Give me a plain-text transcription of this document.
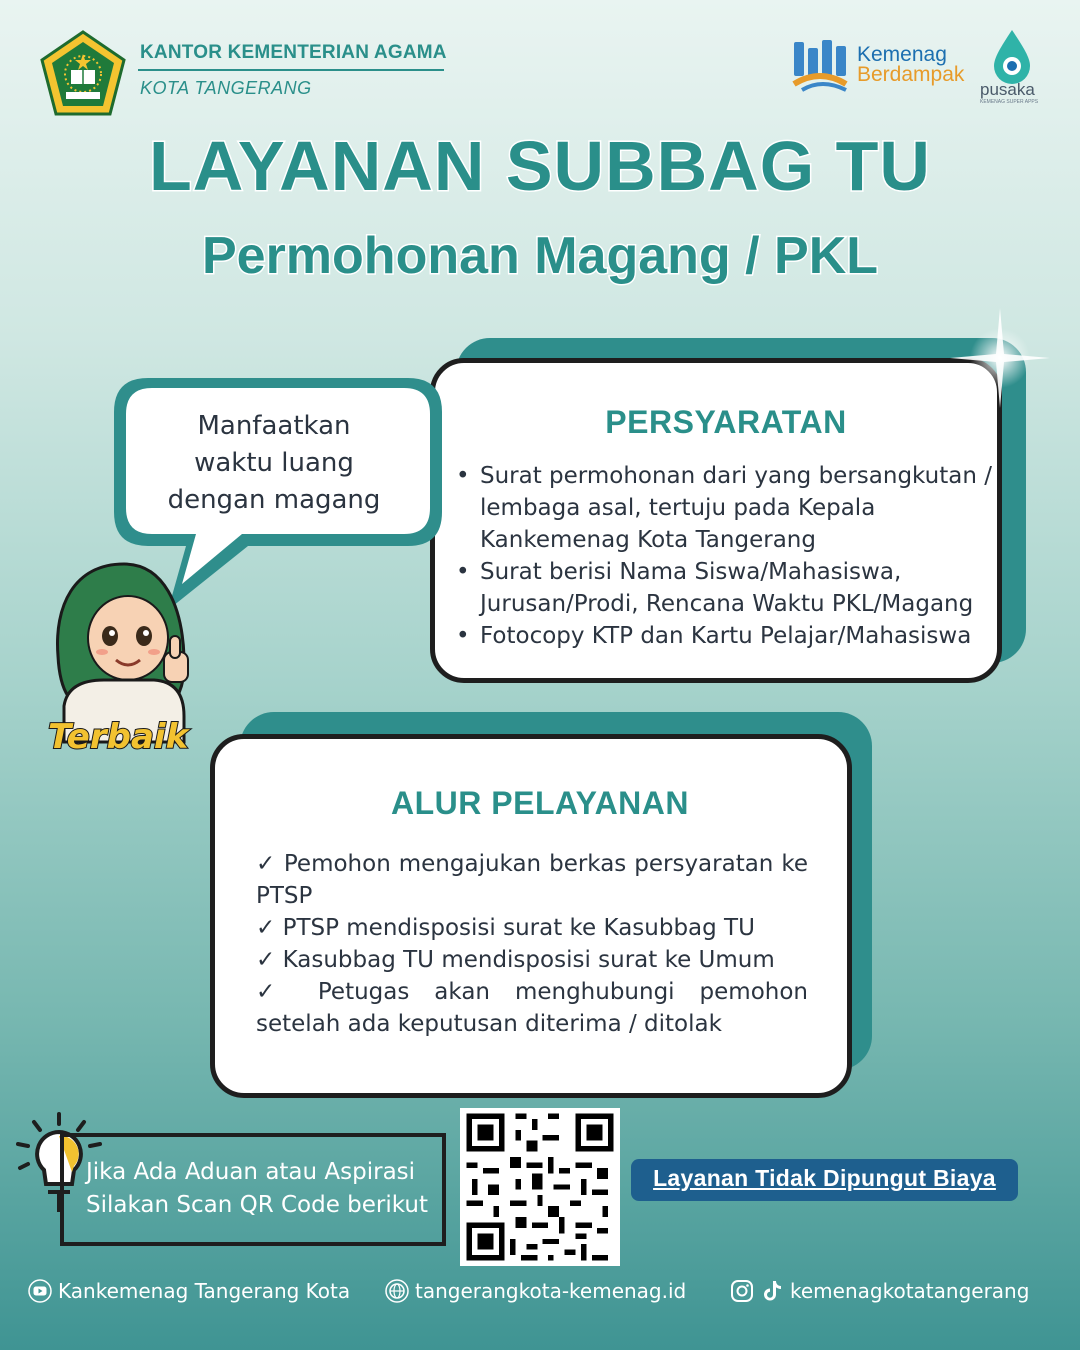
KANTOR KEMENTERIAN AGAMA
KOTA TANGERANG
Kemenag
Berdampak
pusaka
KEMENAG SUPER APPS
LAYANAN SUBBAG TU
Permohonan Magang / PKL
PERSYARATAN
• Surat permohonan dari yang bersangkutan / lembaga asal, tertuju pada Kepala Kankemenag Kota Tangerang
• Surat berisi Nama Siswa/Mahasiswa, Jurusan/Prodi, Rencana Waktu PKL/Magang
• Fotocopy KTP dan Kartu Pelajar/Mahasiswa
Manfaatkan
waktu luang
dengan magang
ALUR PELAYANAN
✓ Pemohon mengajukan berkas persyaratan ke PTSP
✓ PTSP mendisposisi surat ke Kasubbag TU
✓ Kasubbag TU mendisposisi surat ke Umum
✓ Petugas akan menghubungi pemohon setelah ada keputusan diterima / ditolak
Terbaik
Jika Ada Aduan atau Aspirasi
Silakan Scan QR Code berikut
Layanan Tidak Dipungut Biaya
Kankemenag Tangerang Kota	tangerangkota-kemenag.id	kemenagkotatangerang
